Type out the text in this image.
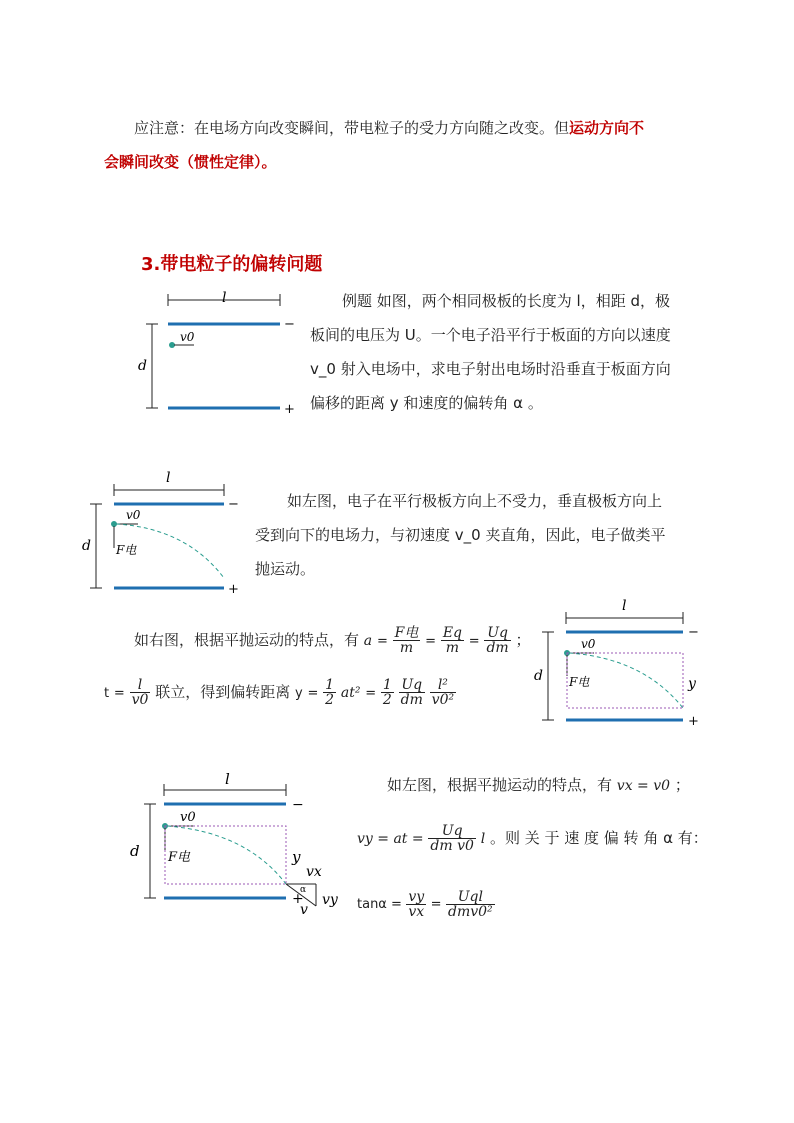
应注意：在电场方向改变瞬间，带电粒子的受力方向随之改变。但运动方向不
会瞬间改变（惯性定律）。
3.带电粒子的偏转问题
l
−
+
d
v0
例题 如图，两个相同极板的长度为 l，相距 d，极
板间的电压为 U。一个电子沿平行于板面的方向以速度
v_0 射入电场中，求电子射出电场时沿垂直于板面方向
偏移的距离 y 和速度的偏转角 α 。
l
−
+
d
v0
F电
如左图，电子在平行极板方向上不受力，垂直极板方向上
受到向下的电场力，与初速度 v_0 夹直角，因此，电子做类平
抛运动。
如右图，根据平抛运动的特点，有 $a = \frac{\text{F电}}{m} = \frac{Eq}{m} = \frac{Uq}{dm}$ ；
$t = \frac{l}{v0}$ 联立，得到偏转距离 $y = \frac{1}{2} at^2 = \frac{1}{2}$
$\frac{Uq}{dm}$
$\frac{\text{l²}}{\text{v0²}}$
l
−
+
d
v0
F电	y
l
−
+
d
v0
F电	y
α
vx
vy
v
如左图，根据平抛运动的特点，有 vx = v0 ；
vy = at = $\frac{Uq}{\text{dm v0}}$ l 。则 关 于 速 度 偏 转 角 α 有：
$\tan\alpha = \frac{vy}{vx} = \frac{\text{Uql}}{\text{dmv0²}}$
